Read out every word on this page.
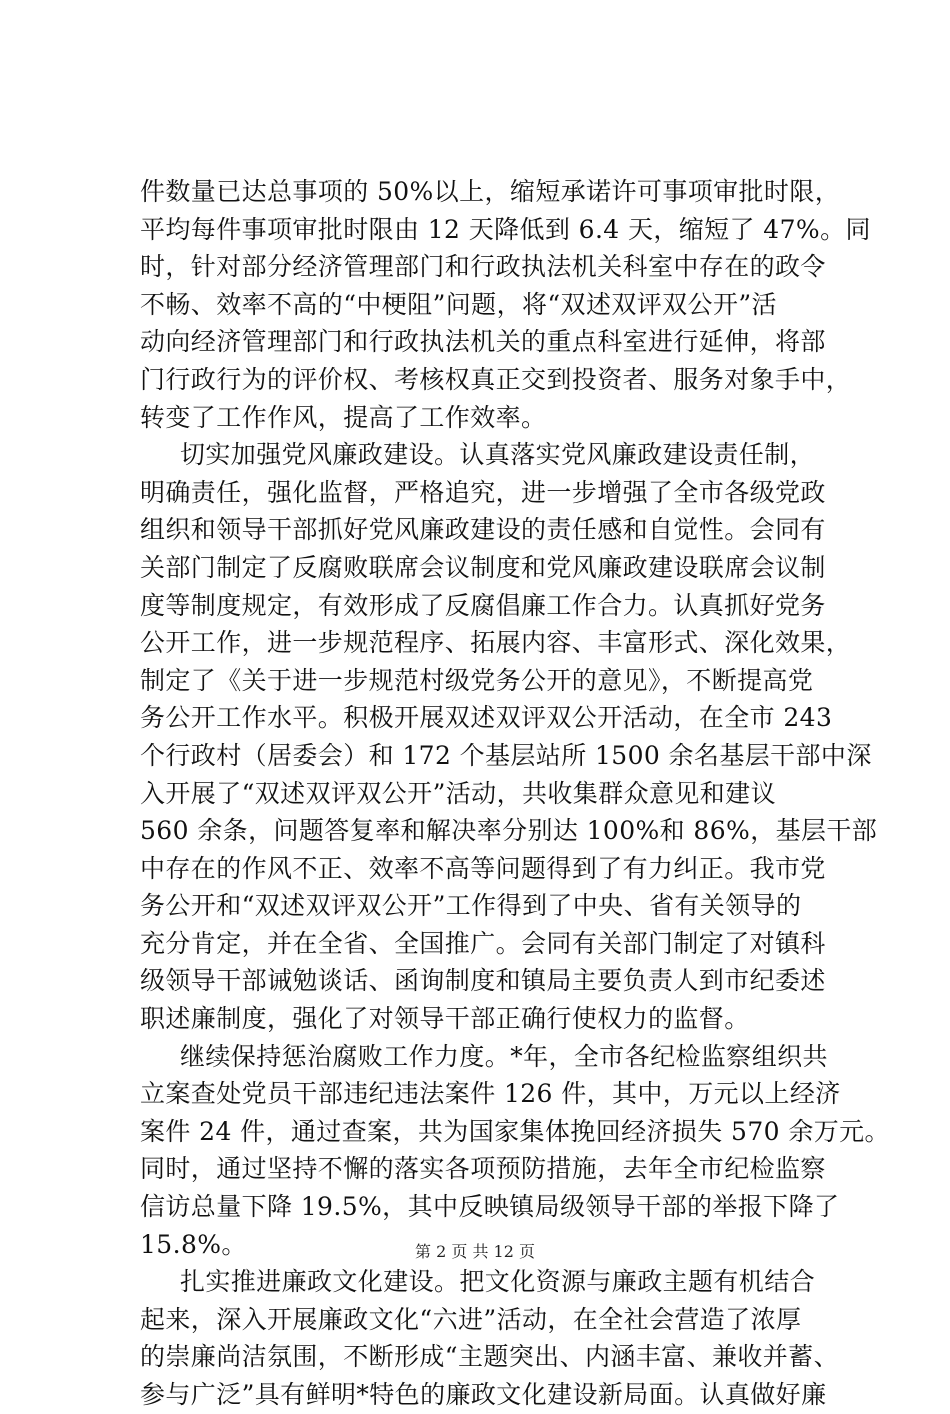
件数量已达总事项的 50%以上，缩短承诺许可事项审批时限，
平均每件事项审批时限由 12 天降低到 6.4 天，缩短了 47%。同
时，针对部分经济管理部门和行政执法机关科室中存在的政令
不畅、效率不高的“中梗阻”问题，将“双述双评双公开”活
动向经济管理部门和行政执法机关的重点科室进行延伸，将部
门行政行为的评价权、考核权真正交到投资者、服务对象手中，
转变了工作作风，提高了工作效率。
切实加强党风廉政建设。认真落实党风廉政建设责任制，
明确责任，强化监督，严格追究，进一步增强了全市各级党政
组织和领导干部抓好党风廉政建设的责任感和自觉性。会同有
关部门制定了反腐败联席会议制度和党风廉政建设联席会议制
度等制度规定，有效形成了反腐倡廉工作合力。认真抓好党务
公开工作，进一步规范程序、拓展内容、丰富形式、深化效果，
制定了《关于进一步规范村级党务公开的意见》，不断提高党
务公开工作水平。积极开展双述双评双公开活动，在全市 243
个行政村（居委会）和 172 个基层站所 1500 余名基层干部中深
入开展了“双述双评双公开”活动，共收集群众意见和建议
560 余条，问题答复率和解决率分别达 100%和 86%，基层干部
中存在的作风不正、效率不高等问题得到了有力纠正。我市党
务公开和“双述双评双公开”工作得到了中央、省有关领导的
充分肯定，并在全省、全国推广。会同有关部门制定了对镇科
级领导干部诫勉谈话、函询制度和镇局主要负责人到市纪委述
职述廉制度，强化了对领导干部正确行使权力的监督。
继续保持惩治腐败工作力度。*年，全市各纪检监察组织共
立案查处党员干部违纪违法案件 126 件，其中，万元以上经济
案件 24 件，通过查案，共为国家集体挽回经济损失 570 余万元。
同时，通过坚持不懈的落实各项预防措施，去年全市纪检监察
信访总量下降 19.5%，其中反映镇局级领导干部的举报下降了
15.8%。
扎实推进廉政文化建设。把文化资源与廉政主题有机结合
起来，深入开展廉政文化“六进”活动，在全社会营造了浓厚
的崇廉尚洁氛围，不断形成“主题突出、内涵丰富、兼收并蓄、
参与广泛”具有鲜明*特色的廉政文化建设新局面。认真做好廉
第 2 页 共 12 页
